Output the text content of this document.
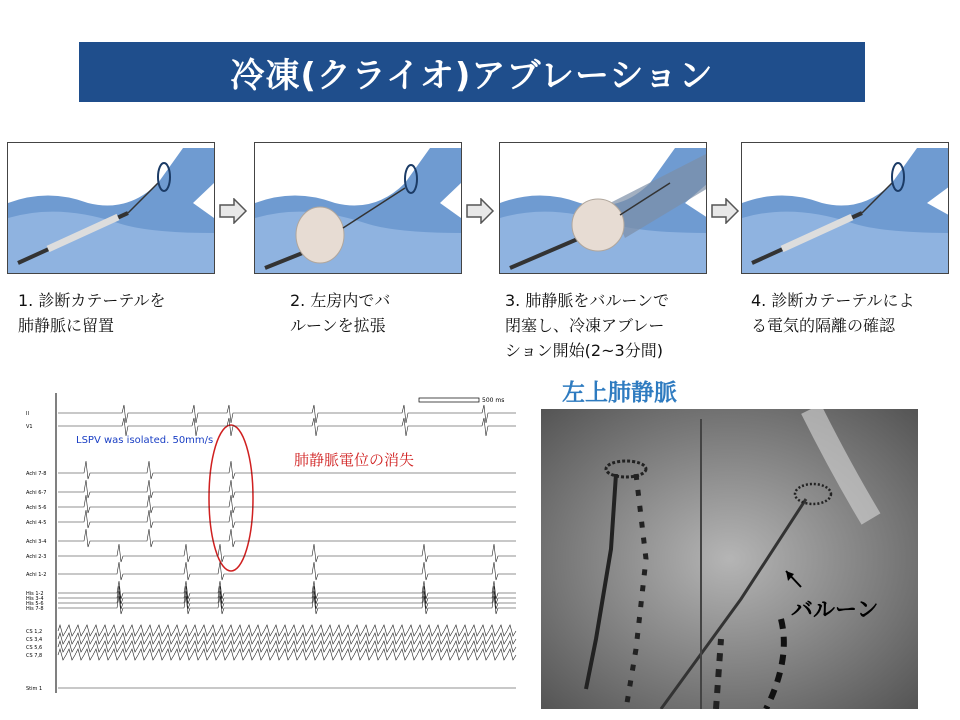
冷凍(クライオ)アブレーション
1. 診断カテーテルを
肺静脈に留置
2. 左房内でバ
ルーンを拡張
3. 肺静脈をバルーンで
閉塞し、冷凍アブレー
ション開始(2~3分間)
4. 診断カテーテルによ
る電気的隔離の確認
500 ms
LSPV was isolated. 50mm/s
肺静脈電位の消失
II
V1
Achi 7-8
Achi 6-7
Achi 5-6
Achi 4-5
Achi 3-4
Achi 2-3
Achi 1-2
His 1-2
His 3-4
His 5-6
His 7-8
CS 1,2
CS 3,4
CS 5,6
CS 7,8
Stim 1
左上肺静脈
バルーン
